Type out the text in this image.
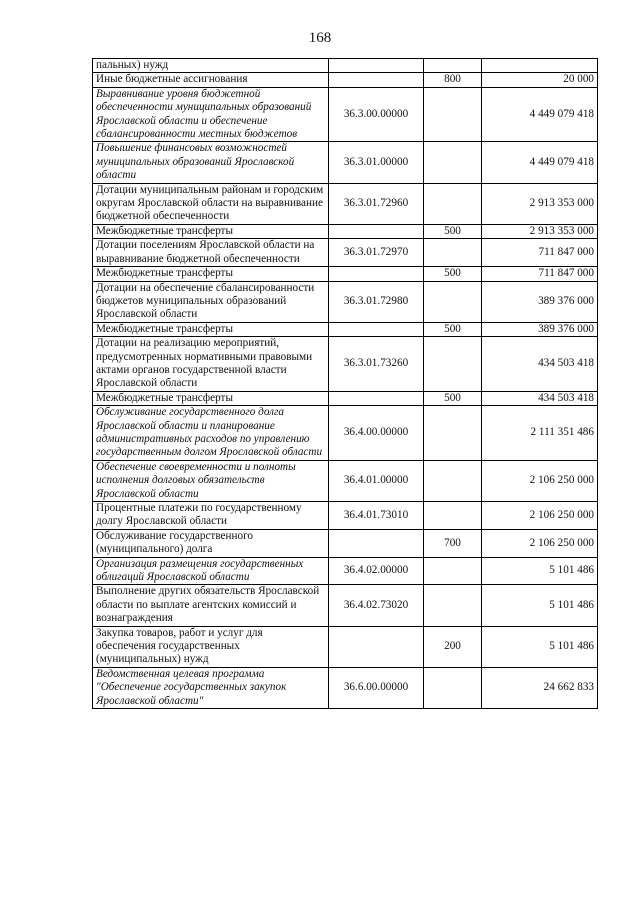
168
пальных) нужд			
Иные бюджетные ассигнования		800	20 000
Выравнивание уровня бюджетной обеспеченности муниципальных образований Ярославской области и обеспечение сбалансированности местных бюджетов	36.3.00.00000		4 449 079 418
Повышение финансовых возможностей муниципальных образований Ярославской области	36.3.01.00000		4 449 079 418
Дотации муниципальным районам и городским округам Ярославской области на выравнивание бюджетной обеспеченности	36.3.01.72960		2 913 353 000
Межбюджетные трансферты		500	2 913 353 000
Дотации поселениям Ярославской области на выравнивание бюджетной обеспеченности	36.3.01.72970		711 847 000
Межбюджетные трансферты		500	711 847 000
Дотации на обеспечение сбалансированности бюджетов муниципальных образований Ярославской области	36.3.01.72980		389 376 000
Межбюджетные трансферты		500	389 376 000
Дотации на реализацию мероприятий, предусмотренных нормативными правовыми актами органов государственной власти Ярославской области	36.3.01.73260		434 503 418
Межбюджетные трансферты		500	434 503 418
Обслуживание государственного долга Ярославской области и планирование административных расходов по управлению государственным долгом Ярославской области	36.4.00.00000		2 111 351 486
Обеспечение своевременности и полноты исполнения долговых обязательств Ярославской области	36.4.01.00000		2 106 250 000
Процентные платежи по государственному долгу Ярославской области	36.4.01.73010		2 106 250 000
Обслуживание государственного (муниципального) долга		700	2 106 250 000
Организация размещения государственных облигаций Ярославской области	36.4.02.00000		5 101 486
Выполнение других обязательств Ярославской области по выплате агентских комиссий и вознаграждения	36.4.02.73020		5 101 486
Закупка товаров, работ и услуг для обеспечения государственных (муниципальных) нужд		200	5 101 486
Ведомственная целевая программа "Обеспечение государственных закупок Ярославской области"	36.6.00.00000		24 662 833
